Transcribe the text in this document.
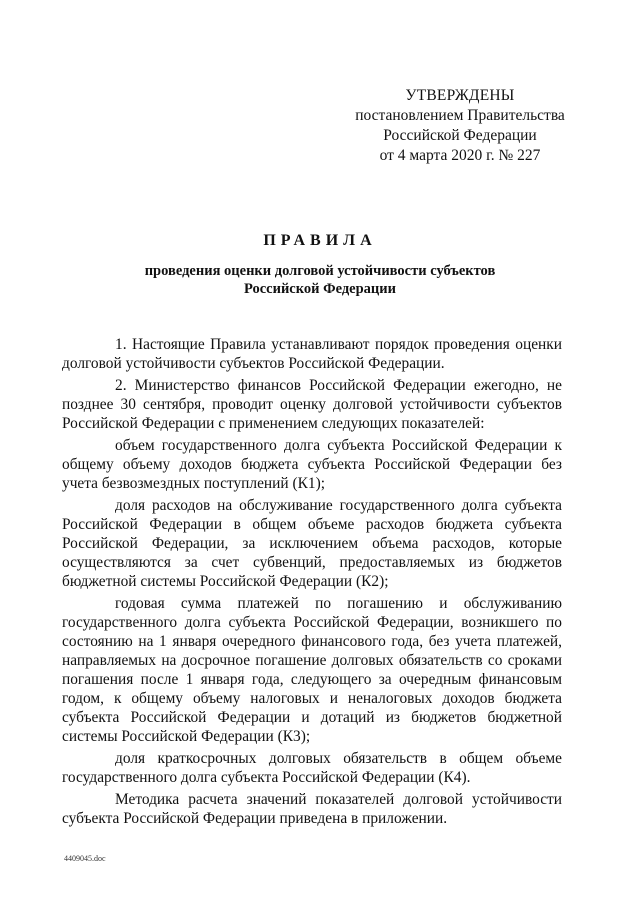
УТВЕРЖДЕНЫ
постановлением Правительства
Российской Федерации
от 4 марта 2020 г. № 227
ПРАВИЛА
проведения оценки долговой устойчивости субъектов
Российской Федерации

1. Настоящие Правила устанавливают порядок проведения оценки долговой устойчивости субъектов Российской Федерации.

2. Министерство финансов Российской Федерации ежегодно, не позднее 30 сентября, проводит оценку долговой устойчивости субъектов Российской Федерации с применением следующих показателей:

объем государственного долга субъекта Российской Федерации к общему объему доходов бюджета субъекта Российской Федерации без учета безвозмездных поступлений (К1);

доля расходов на обслуживание государственного долга субъекта Российской Федерации в общем объеме расходов бюджета субъекта Российской Федерации, за исключением объема расходов, которые осуществляются за счет субвенций, предоставляемых из бюджетов бюджетной системы Российской Федерации (К2);

годовая сумма платежей по погашению и обслуживанию государственного долга субъекта Российской Федерации, возникшего по состоянию на 1 января очередного финансового года, без учета платежей, направляемых на досрочное погашение долговых обязательств со сроками погашения после 1 января года, следующего за очередным финансовым годом, к общему объему налоговых и неналоговых доходов бюджета субъекта Российской Федерации и дотаций из бюджетов бюджетной системы Российской Федерации (К3);

доля краткосрочных долговых обязательств в общем объеме государственного долга субъекта Российской Федерации (К4).

Методика расчета значений показателей долговой устойчивости субъекта Российской Федерации приведена в приложении.

4409045.doc
